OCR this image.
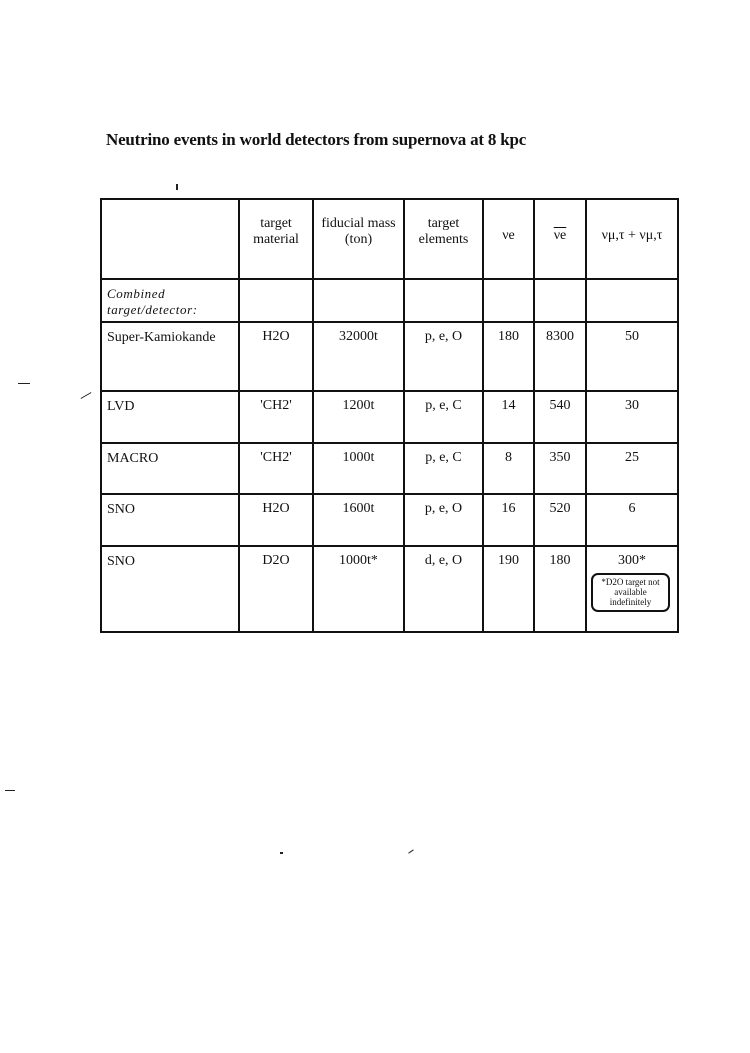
Neutrino events in world detectors from supernova at 8 kpc
	target material	fiducial mass (ton)	target elements	νe	$\overline{\nu e}$	νμ,τ + νμ,τ
Combined target/detector:						
Super-Kamiokande	H2O	32000t	p, e, O	180	8300	50
LVD	'CH2'	1200t	p, e, C	14	540	30
MACRO	'CH2'	1000t	p, e, C	8	350	25
SNO	H2O	1600t	p, e, O	16	520	6
SNO	D2O	1000t*	d, e, O	190	180	300*
*D2O target not available indefinitely
